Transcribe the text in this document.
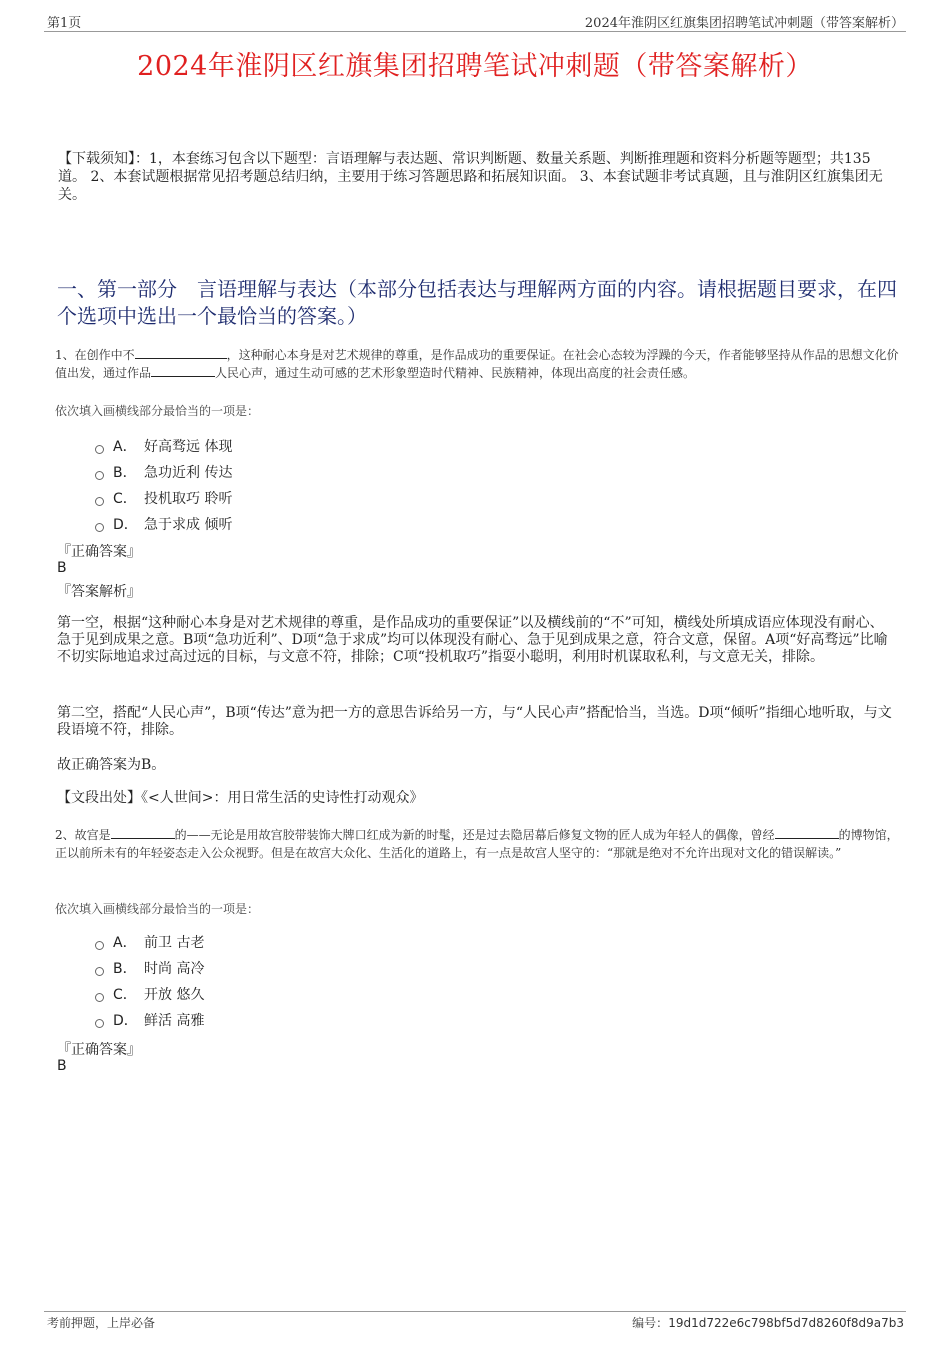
第1页	2024年淮阴区红旗集团招聘笔试冲刺题（带答案解析）
2024年淮阴区红旗集团招聘笔试冲刺题（带答案解析）
【下载须知】：1，本套练习包含以下题型：言语理解与表达题、常识判断题、数量关系题、判断推理题和资料分析题等题型；共135道。 2、本套试题根据常见招考题总结归纳，主要用于练习答题思路和拓展知识面。 3、本套试题非考试真题，且与淮阴区红旗集团无关。
一、第一部分　言语理解与表达（本部分包括表达与理解两方面的内容。请根据题目要求，在四个选项中选出一个最恰当的答案。）
1、在创作中不	，这种耐心本身是对艺术规律的尊重，是作品成功的重要保证。在社会心态较为浮躁的今天，作者能够坚持从作品的思想文化价值出发，通过作品	人民心声，通过生动可感的艺术形象塑造时代精神、民族精神，体现出高度的社会责任感。
依次填入画横线部分最恰当的一项是：
A． 好高骛远 体现
B． 急功近利 传达
C． 投机取巧 聆听
D． 急于求成 倾听
『正确答案』
B
『答案解析』
第一空，根据“这种耐心本身是对艺术规律的尊重，是作品成功的重要保证”以及横线前的“不”可知，横线处所填成语应体现没有耐心、急于见到成果之意。B项“急功近利”、D项“急于求成”均可以体现没有耐心、急于见到成果之意，符合文意，保留。A项“好高骛远”比喻不切实际地追求过高过远的目标，与文意不符，排除；C项“投机取巧”指耍小聪明，利用时机谋取私利，与文意无关，排除。
第二空，搭配“人民心声”，B项“传达”意为把一方的意思告诉给另一方，与“人民心声”搭配恰当，当选。D项“倾听”指细心地听取，与文段语境不符，排除。
故正确答案为B。
【文段出处】《<人世间>：用日常生活的史诗性打动观众》
2、故宫是	的——无论是用故宫胶带装饰大牌口红成为新的时髦，还是过去隐居幕后修复文物的匠人成为年轻人的偶像，曾经	的博物馆，正以前所未有的年轻姿态走入公众视野。但是在故宫大众化、生活化的道路上，有一点是故宫人坚守的：“那就是绝对不允许出现对文化的错误解读。”
依次填入画横线部分最恰当的一项是：
A． 前卫 古老
B． 时尚 高冷
C． 开放 悠久
D． 鲜活 高雅
『正确答案』
B
考前押题，上岸必备	编号：19d1d722e6c798bf5d7d8260f8d9a7b3
